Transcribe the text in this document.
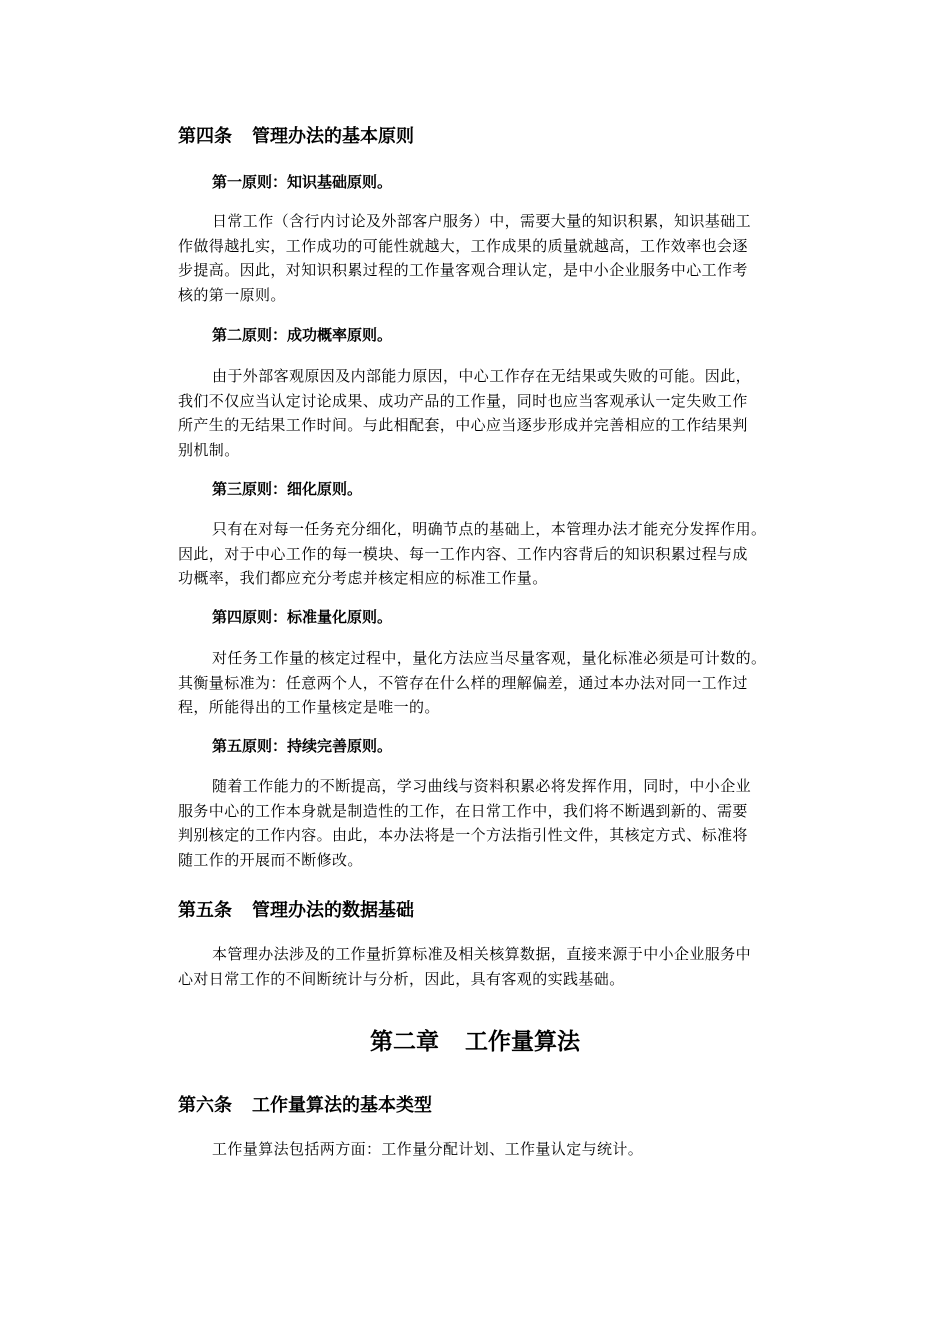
第四条 管理办法的基本原则
第一原则：知识基础原则。
日常工作（含行内讨论及外部客户服务）中，需要大量的知识积累，知识基础工
作做得越扎实，工作成功的可能性就越大，工作成果的质量就越高，工作效率也会逐
步提高。因此，对知识积累过程的工作量客观合理认定，是中小企业服务中心工作考
核的第一原则。
第二原则：成功概率原则。
由于外部客观原因及内部能力原因，中心工作存在无结果或失败的可能。因此，
我们不仅应当认定讨论成果、成功产品的工作量，同时也应当客观承认一定失败工作
所产生的无结果工作时间。与此相配套，中心应当逐步形成并完善相应的工作结果判
别机制。
第三原则：细化原则。
只有在对每一任务充分细化，明确节点的基础上，本管理办法才能充分发挥作用。
因此，对于中心工作的每一模块、每一工作内容、工作内容背后的知识积累过程与成
功概率，我们都应充分考虑并核定相应的标准工作量。
第四原则：标准量化原则。
对任务工作量的核定过程中，量化方法应当尽量客观，量化标准必须是可计数的。
其衡量标准为：任意两个人，不管存在什么样的理解偏差，通过本办法对同一工作过
程，所能得出的工作量核定是唯一的。
第五原则：持续完善原则。
随着工作能力的不断提高，学习曲线与资料积累必将发挥作用，同时，中小企业
服务中心的工作本身就是制造性的工作，在日常工作中，我们将不断遇到新的、需要
判别核定的工作内容。由此，本办法将是一个方法指引性文件，其核定方式、标准将
随工作的开展而不断修改。
第五条 管理办法的数据基础
本管理办法涉及的工作量折算标准及相关核算数据，直接来源于中小企业服务中
心对日常工作的不间断统计与分析，因此，具有客观的实践基础。
第二章 工作量算法
第六条 工作量算法的基本类型
工作量算法包括两方面：工作量分配计划、工作量认定与统计。
